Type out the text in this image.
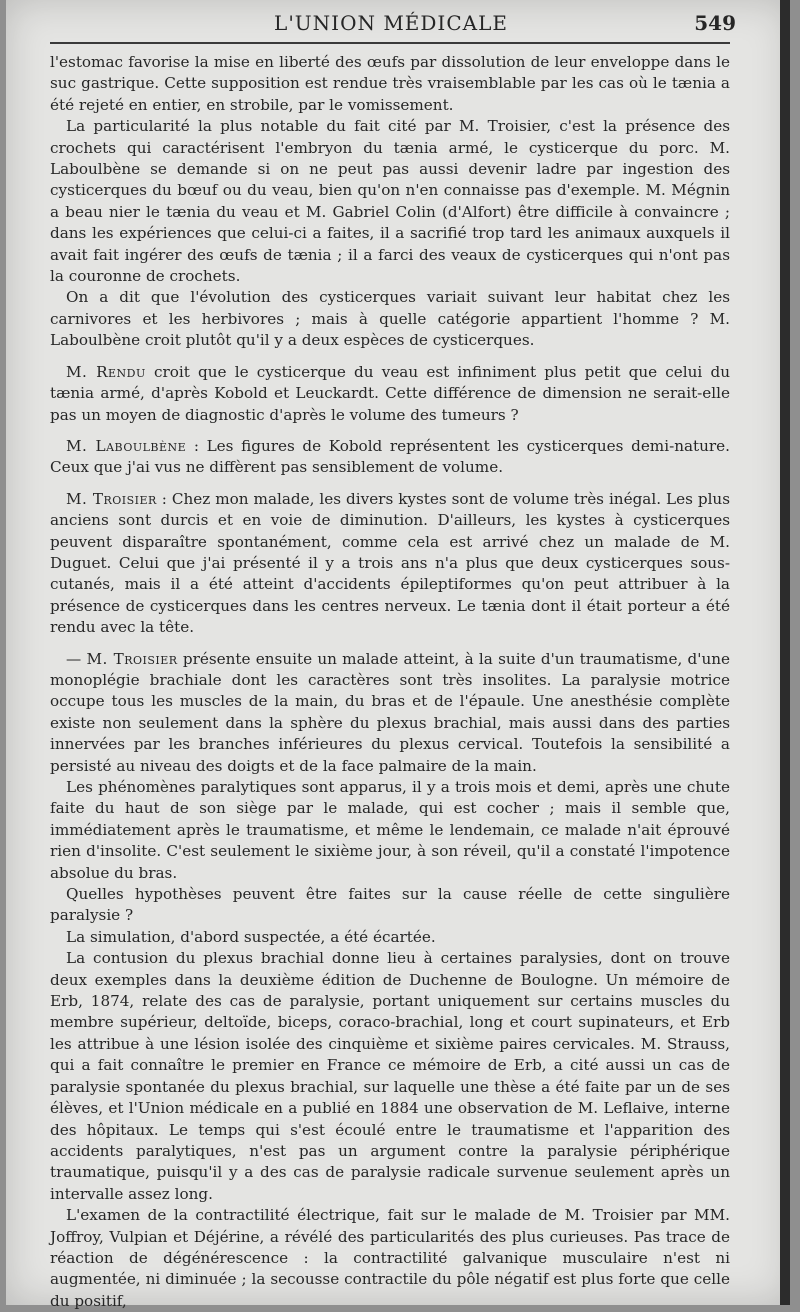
L'UNION MÉDICALE	549

l'estomac favorise la mise en liberté des œufs par dissolution de leur enveloppe dans le suc gastrique. Cette supposition est rendue très vraisemblable par les cas où le tænia a été rejeté en entier, en strobile, par le vomissement.

La particularité la plus notable du fait cité par M. Troisier, c'est la présence des crochets qui caractérisent l'embryon du tænia armé, le cysticerque du porc. M. Laboulbène se demande si on ne peut pas aussi devenir ladre par ingestion des cysticerques du bœuf ou du veau, bien qu'on n'en connaisse pas d'exemple. M. Mégnin a beau nier le tænia du veau et M. Gabriel Colin (d'Alfort) être difficile à convaincre ; dans les expériences que celui-ci a faites, il a sacrifié trop tard les animaux auxquels il avait fait ingérer des œufs de tænia ; il a farci des veaux de cysticerques qui n'ont pas la couronne de crochets.

On a dit que l'évolution des cysticerques variait suivant leur habitat chez les carnivores et les herbivores ; mais à quelle catégorie appartient l'homme ? M. Laboulbène croit plutôt qu'il y a deux espèces de cysticerques.

M. Rendu croit que le cysticerque du veau est infiniment plus petit que celui du tænia armé, d'après Kobold et Leuckardt. Cette différence de dimension ne serait-elle pas un moyen de diagnostic d'après le volume des tumeurs ?

M. Laboulbène : Les figures de Kobold représentent les cysticerques demi-nature. Ceux que j'ai vus ne diffèrent pas sensiblement de volume.

M. Troisier : Chez mon malade, les divers kystes sont de volume très inégal. Les plus anciens sont durcis et en voie de diminution. D'ailleurs, les kystes à cysticerques peuvent disparaître spontanément, comme cela est arrivé chez un malade de M. Duguet. Celui que j'ai présenté il y a trois ans n'a plus que deux cysticerques sous-cutanés, mais il a été atteint d'accidents épileptiformes qu'on peut attribuer à la présence de cysticerques dans les centres nerveux. Le tænia dont il était porteur a été rendu avec la tête.

— M. Troisier présente ensuite un malade atteint, à la suite d'un traumatisme, d'une monoplégie brachiale dont les caractères sont très insolites. La paralysie motrice occupe tous les muscles de la main, du bras et de l'épaule. Une anesthésie complète existe non seulement dans la sphère du plexus brachial, mais aussi dans des parties innervées par les branches inférieures du plexus cervical. Toutefois la sensibilité a persisté au niveau des doigts et de la face palmaire de la main.

Les phénomènes paralytiques sont apparus, il y a trois mois et demi, après une chute faite du haut de son siège par le malade, qui est cocher ; mais il semble que, immédiatement après le traumatisme, et même le lendemain, ce malade n'ait éprouvé rien d'insolite. C'est seulement le sixième jour, à son réveil, qu'il a constaté l'impotence absolue du bras.

Quelles hypothèses peuvent être faites sur la cause réelle de cette singulière paralysie ?

La simulation, d'abord suspectée, a été écartée.

La contusion du plexus brachial donne lieu à certaines paralysies, dont on trouve deux exemples dans la deuxième édition de Duchenne de Boulogne. Un mémoire de Erb, 1874, relate des cas de paralysie, portant uniquement sur certains muscles du membre supérieur, deltoïde, biceps, coraco-brachial, long et court supinateurs, et Erb les attribue à une lésion isolée des cinquième et sixième paires cervicales. M. Strauss, qui a fait connaître le premier en France ce mémoire de Erb, a cité aussi un cas de paralysie spontanée du plexus brachial, sur laquelle une thèse a été faite par un de ses élèves, et l'Union médicale en a publié en 1884 une observation de M. Leflaive, interne des hôpitaux. Le temps qui s'est écoulé entre le traumatisme et l'apparition des accidents paralytiques, n'est pas un argument contre la paralysie périphérique traumatique, puisqu'il y a des cas de paralysie radicale survenue seulement après un intervalle assez long.

L'examen de la contractilité électrique, fait sur le malade de M. Troisier par MM. Joffroy, Vulpian et Déjérine, a révélé des particularités des plus curieuses. Pas trace de réaction de dégénérescence : la contractilité galvanique musculaire n'est ni augmentée, ni diminuée ; la secousse contractile du pôle négatif est plus forte que celle du positif,
